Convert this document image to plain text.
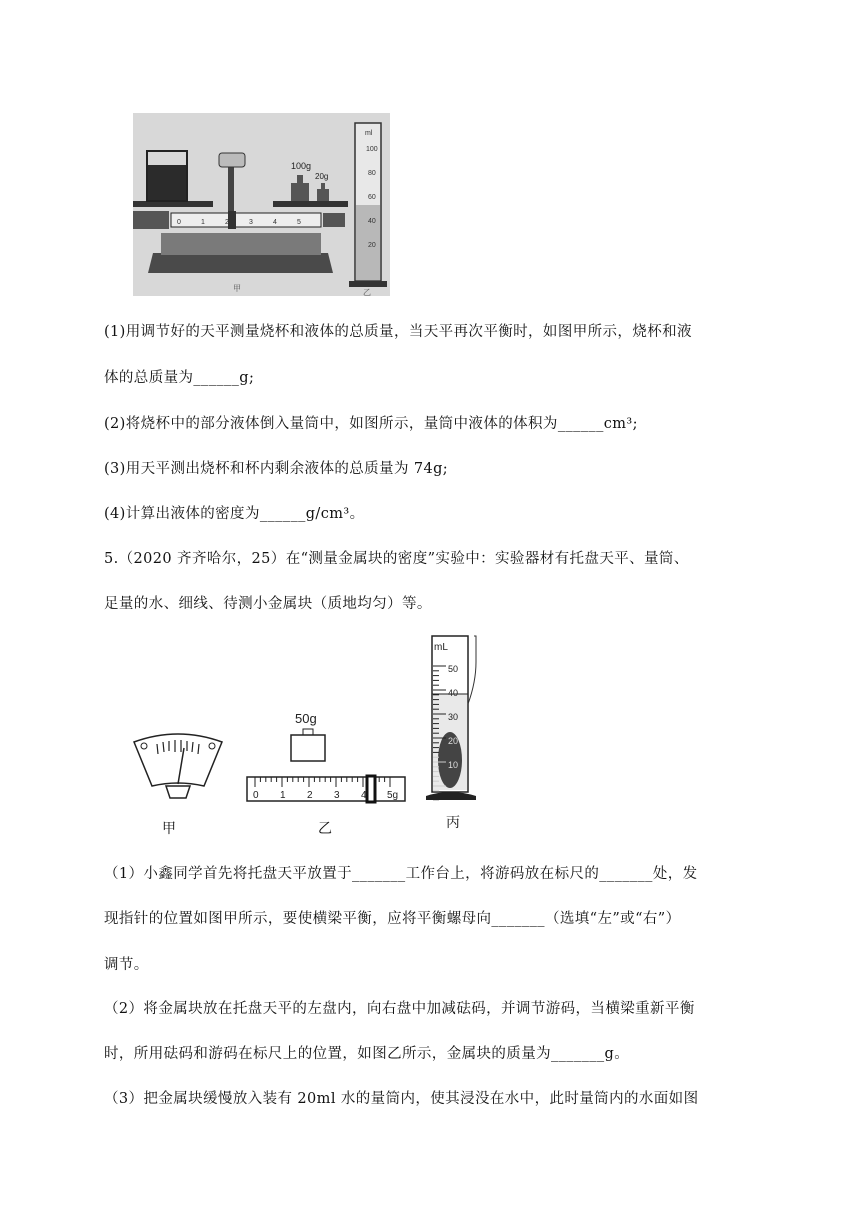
100g
20g
ml
100
80
60
40
20
0	1	2	3	4	5
甲	乙
(1)用调节好的天平测量烧杯和液体的总质量，当天平再次平衡时，如图甲所示，烧杯和液
体的总质量为______g;
(2)将烧杯中的部分液体倒入量筒中，如图所示，量筒中液体的体积为______cm³;
(3)用天平测出烧杯和杯内剩余液体的总质量为 74g;
(4)计算出液体的密度为______g/cm³。
5.（2020 齐齐哈尔，25）在“测量金属块的密度”实验中：实验器材有托盘天平、量筒、
足量的水、细线、待测小金属块（质地均匀）等。
50g
0 1 2 3 4 5g
mL
50
40
30
20
10
甲	乙	丙
（1）小鑫同学首先将托盘天平放置于_______工作台上，将游码放在标尺的_______处，发
现指针的位置如图甲所示，要使横梁平衡，应将平衡螺母向_______（选填“左”或“右”）
调节。
（2）将金属块放在托盘天平的左盘内，向右盘中加减砝码，并调节游码，当横梁重新平衡
时，所用砝码和游码在标尺上的位置，如图乙所示，金属块的质量为_______g。
（3）把金属块缓慢放入装有 20ml 水的量筒内，使其浸没在水中，此时量筒内的水面如图
